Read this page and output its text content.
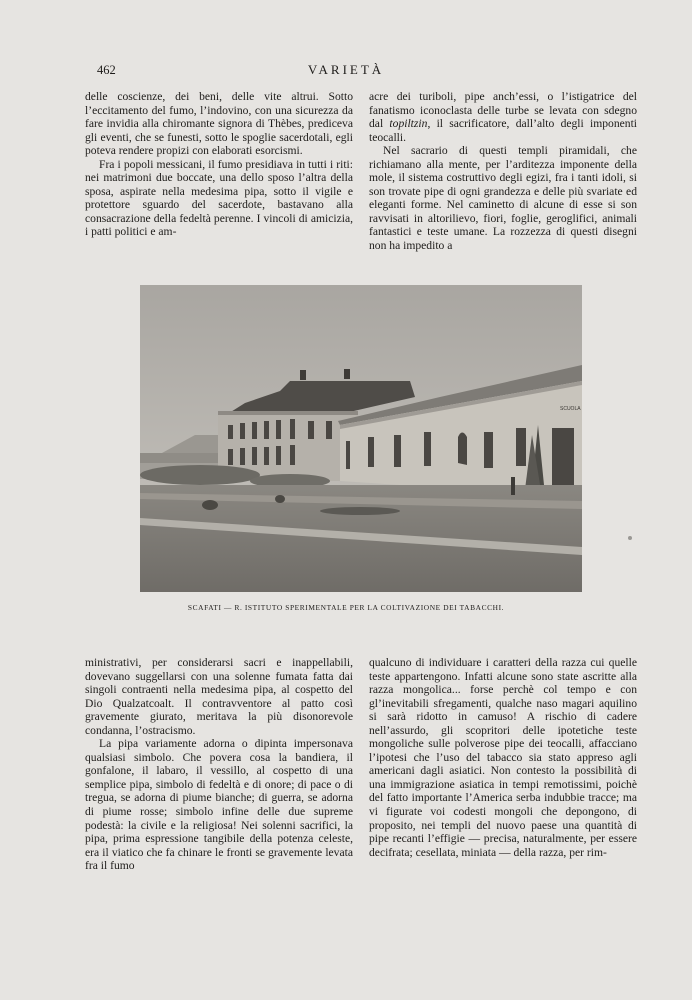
462	VARIETÀ

delle coscienze, dei beni, delle vite altrui. Sotto l’eccitamento del fumo, l’indovino, con una sicurezza da fare invidia alla chiromante signora di Thèbes, prediceva gli eventi, che se funesti, sotto le spoglie sacerdotali, egli poteva rendere propizi con elaborati esorcismi.

Fra i popoli messicani, il fumo presidiava in tutti i riti: nei matrimoni due boccate, una dello sposo l’altra della sposa, aspirate nella medesima pipa, sotto il vigile e protettore sguardo del sacerdote, bastavano alla consacrazione della fedeltà perenne. I vincoli di amicizia, i patti politici e am-

acre dei turiboli, pipe anch’essi, o l’istigatrice del fanatismo iconoclasta delle turbe se levata con sdegno dal topiltzin, il sacrificatore, dall’alto degli imponenti teocalli.

Nel sacrario di questi templi piramidali, che richiamano alla mente, per l’arditezza imponente della mole, il sistema costruttivo degli egizi, fra i tanti idoli, si son trovate pipe di ogni grandezza e delle più svariate ed eleganti forme. Nel caminetto di alcune di esse si son ravvisati in altorilievo, fiori, foglie, geroglifici, animali fantastici e teste umane. La rozzezza di questi disegni non ha impedito a

SCUOLA
SCAFATI — R. ISTITUTO SPERIMENTALE PER LA COLTIVAZIONE DEI TABACCHI.

ministrativi, per considerarsi sacri e inappellabili, dovevano suggellarsi con una solenne fumata fatta dai singoli contraenti nella medesima pipa, al cospetto del Dio Qualzatcoalt. Il contravventore al patto così gravemente giurato, meritava la più disonorevole condanna, l’ostracismo.

La pipa variamente adorna o dipinta impersonava qualsiasi simbolo. Che povera cosa la bandiera, il gonfalone, il labaro, il vessillo, al cospetto di una semplice pipa, simbolo di fedeltà e di onore; di pace o di tregua, se adorna di piume bianche; di guerra, se adorna di piume rosse; simbolo infine delle due supreme podestà: la civile e la religiosa! Nei solenni sacrifici, la pipa, prima espressione tangibile della potenza celeste, era il viatico che fa chinare le fronti se gravemente levata fra il fumo

qualcuno di individuare i caratteri della razza cui quelle teste appartengono. Infatti alcune sono state ascritte alla razza mongolica... forse perchè col tempo e con gl’inevitabili sfregamenti, qualche naso magari aquilino si sarà ridotto in camuso! A rischio di cadere nell’assurdo, gli scopritori delle ipotetiche teste mongoliche sulle polverose pipe dei teocalli, affacciano l’ipotesi che l’uso del tabacco sia stato appreso agli americani dagli asiatici. Non contesto la possibilità di una immigrazione asiatica in tempi remotissimi, poichè del fatto importante l’America serba indubbie tracce; ma vi figurate voi codesti mongoli che depongono, di proposito, nei templi del nuovo paese una quantità di pipe recanti l’effigie — precisa, naturalmente, per essere decifrata; cesellata, miniata — della razza, per rim-
